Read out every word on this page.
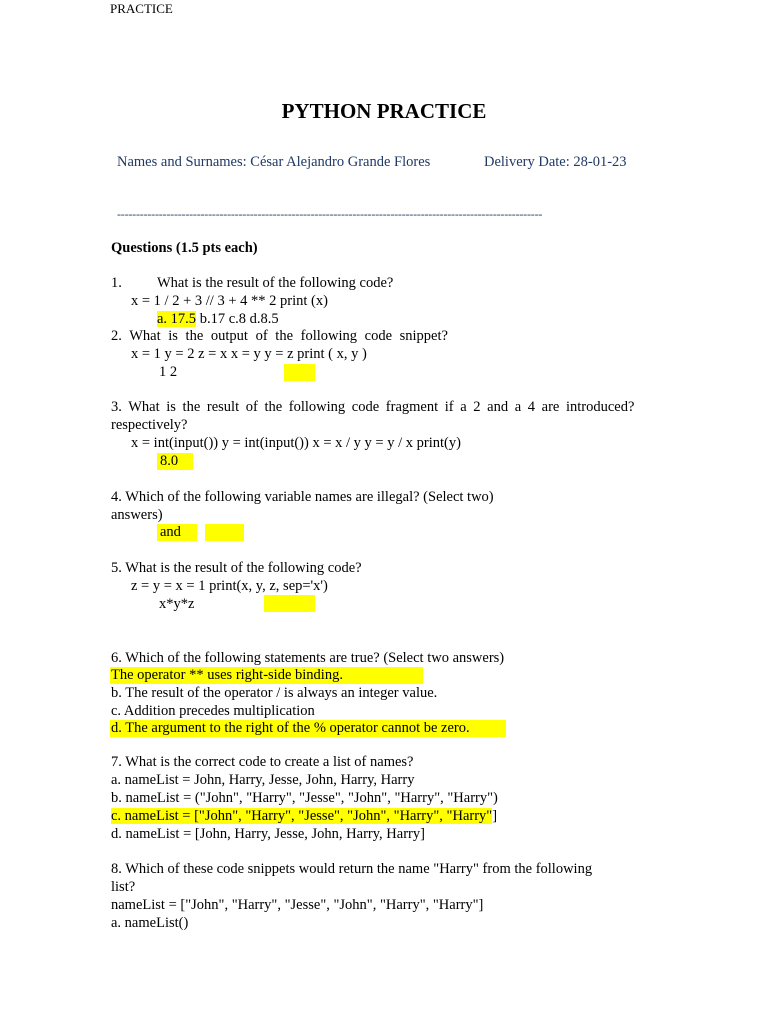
PRACTICE
PYTHON PRACTICE
Names and Surnames: César Alejandro Grande Flores	Delivery Date: 28-01-23
----------------------------------------------------------------------------------------------------------------
Questions (1.5 pts each)
1. What is the result of the following code?
x = 1 / 2 + 3 // 3 + 4 ** 2 print (x)
a. 17.5 b.17 c.8 d.8.5
2. What is the output of the following code snippet?
x = 1 y = 2 z = x x = y y = z print ( x, y )
1 2
3. What is the result of the following code fragment if a 2 and a 4 are introduced?
respectively?
x = int(input()) y = int(input()) x = x / y y = y / x print(y)
8.0
4. Which of the following variable names are illegal? (Select two)
answers)
and
5. What is the result of the following code?
z = y = x = 1 print(x, y, z, sep='x')
x*y*z
6. Which of the following statements are true? (Select two answers)
The operator ** uses right-side binding.
b. The result of the operator / is always an integer value.
c. Addition precedes multiplication
d. The argument to the right of the % operator cannot be zero.
7. What is the correct code to create a list of names?
a. nameList = John, Harry, Jesse, John, Harry, Harry
b. nameList = ("John", "Harry", "Jesse", "John", "Harry", "Harry")
c. nameList = ["John", "Harry", "Jesse", "John", "Harry", "Harry"]
d. nameList = [John, Harry, Jesse, John, Harry, Harry]
8. Which of these code snippets would return the name "Harry" from the following
list?
nameList = ["John", "Harry", "Jesse", "John", "Harry", "Harry"]
a. nameList()
